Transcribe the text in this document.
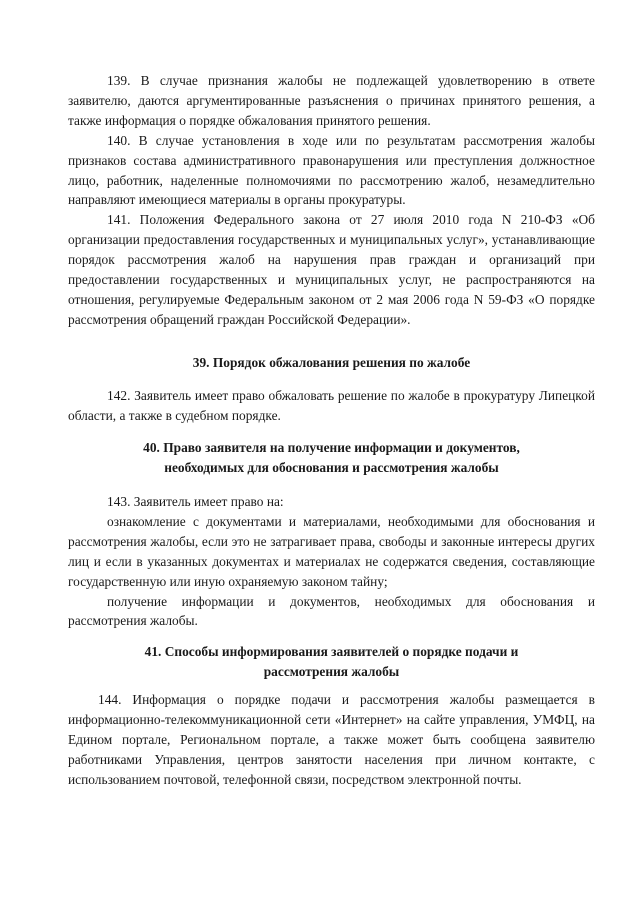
139. В случае признания жалобы не подлежащей удовлетворению в ответе заявителю, даются аргументированные разъяснения о причинах принятого решения, а также информация о порядке обжалования принятого решения.

140. В случае установления в ходе или по результатам рассмотрения жалобы признаков состава административного правонарушения или преступления должностное лицо, работник, наделенные полномочиями по рассмотрению жалоб, незамедлительно направляют имеющиеся материалы в органы прокуратуры.

141. Положения Федерального закона от 27 июля 2010 года N 210-ФЗ «Об организации предоставления государственных и муниципальных услуг», устанавливающие порядок рассмотрения жалоб на нарушения прав граждан и организаций при предоставлении государственных и муниципальных услуг, не распространяются на отношения, регулируемые Федеральным законом от 2 мая 2006 года N 59-ФЗ «О порядке рассмотрения обращений граждан Российской Федерации».

39. Порядок обжалования решения по жалобе

142. Заявитель имеет право обжаловать решение по жалобе в прокуратуру Липецкой области, а также в судебном порядке.

40. Право заявителя на получение информации и документов,
необходимых для обоснования и рассмотрения жалобы

143. Заявитель имеет право на:

ознакомление с документами и материалами, необходимыми для обоснования и рассмотрения жалобы, если это не затрагивает права, свободы и законные интересы других лиц и если в указанных документах и материалах не содержатся сведения, составляющие государственную или иную охраняемую законом тайну;

получение информации и документов, необходимых для обоснования и рассмотрения жалобы.

41. Способы информирования заявителей о порядке подачи и
рассмотрения жалобы

144. Информация о порядке подачи и рассмотрения жалобы размещается в информационно-телекоммуникационной сети «Интернет» на сайте управления, УМФЦ, на Едином портале, Региональном портале, а также может быть сообщена заявителю работниками Управления, центров занятости населения при личном контакте, с использованием почтовой, телефонной связи, посредством электронной почты.
